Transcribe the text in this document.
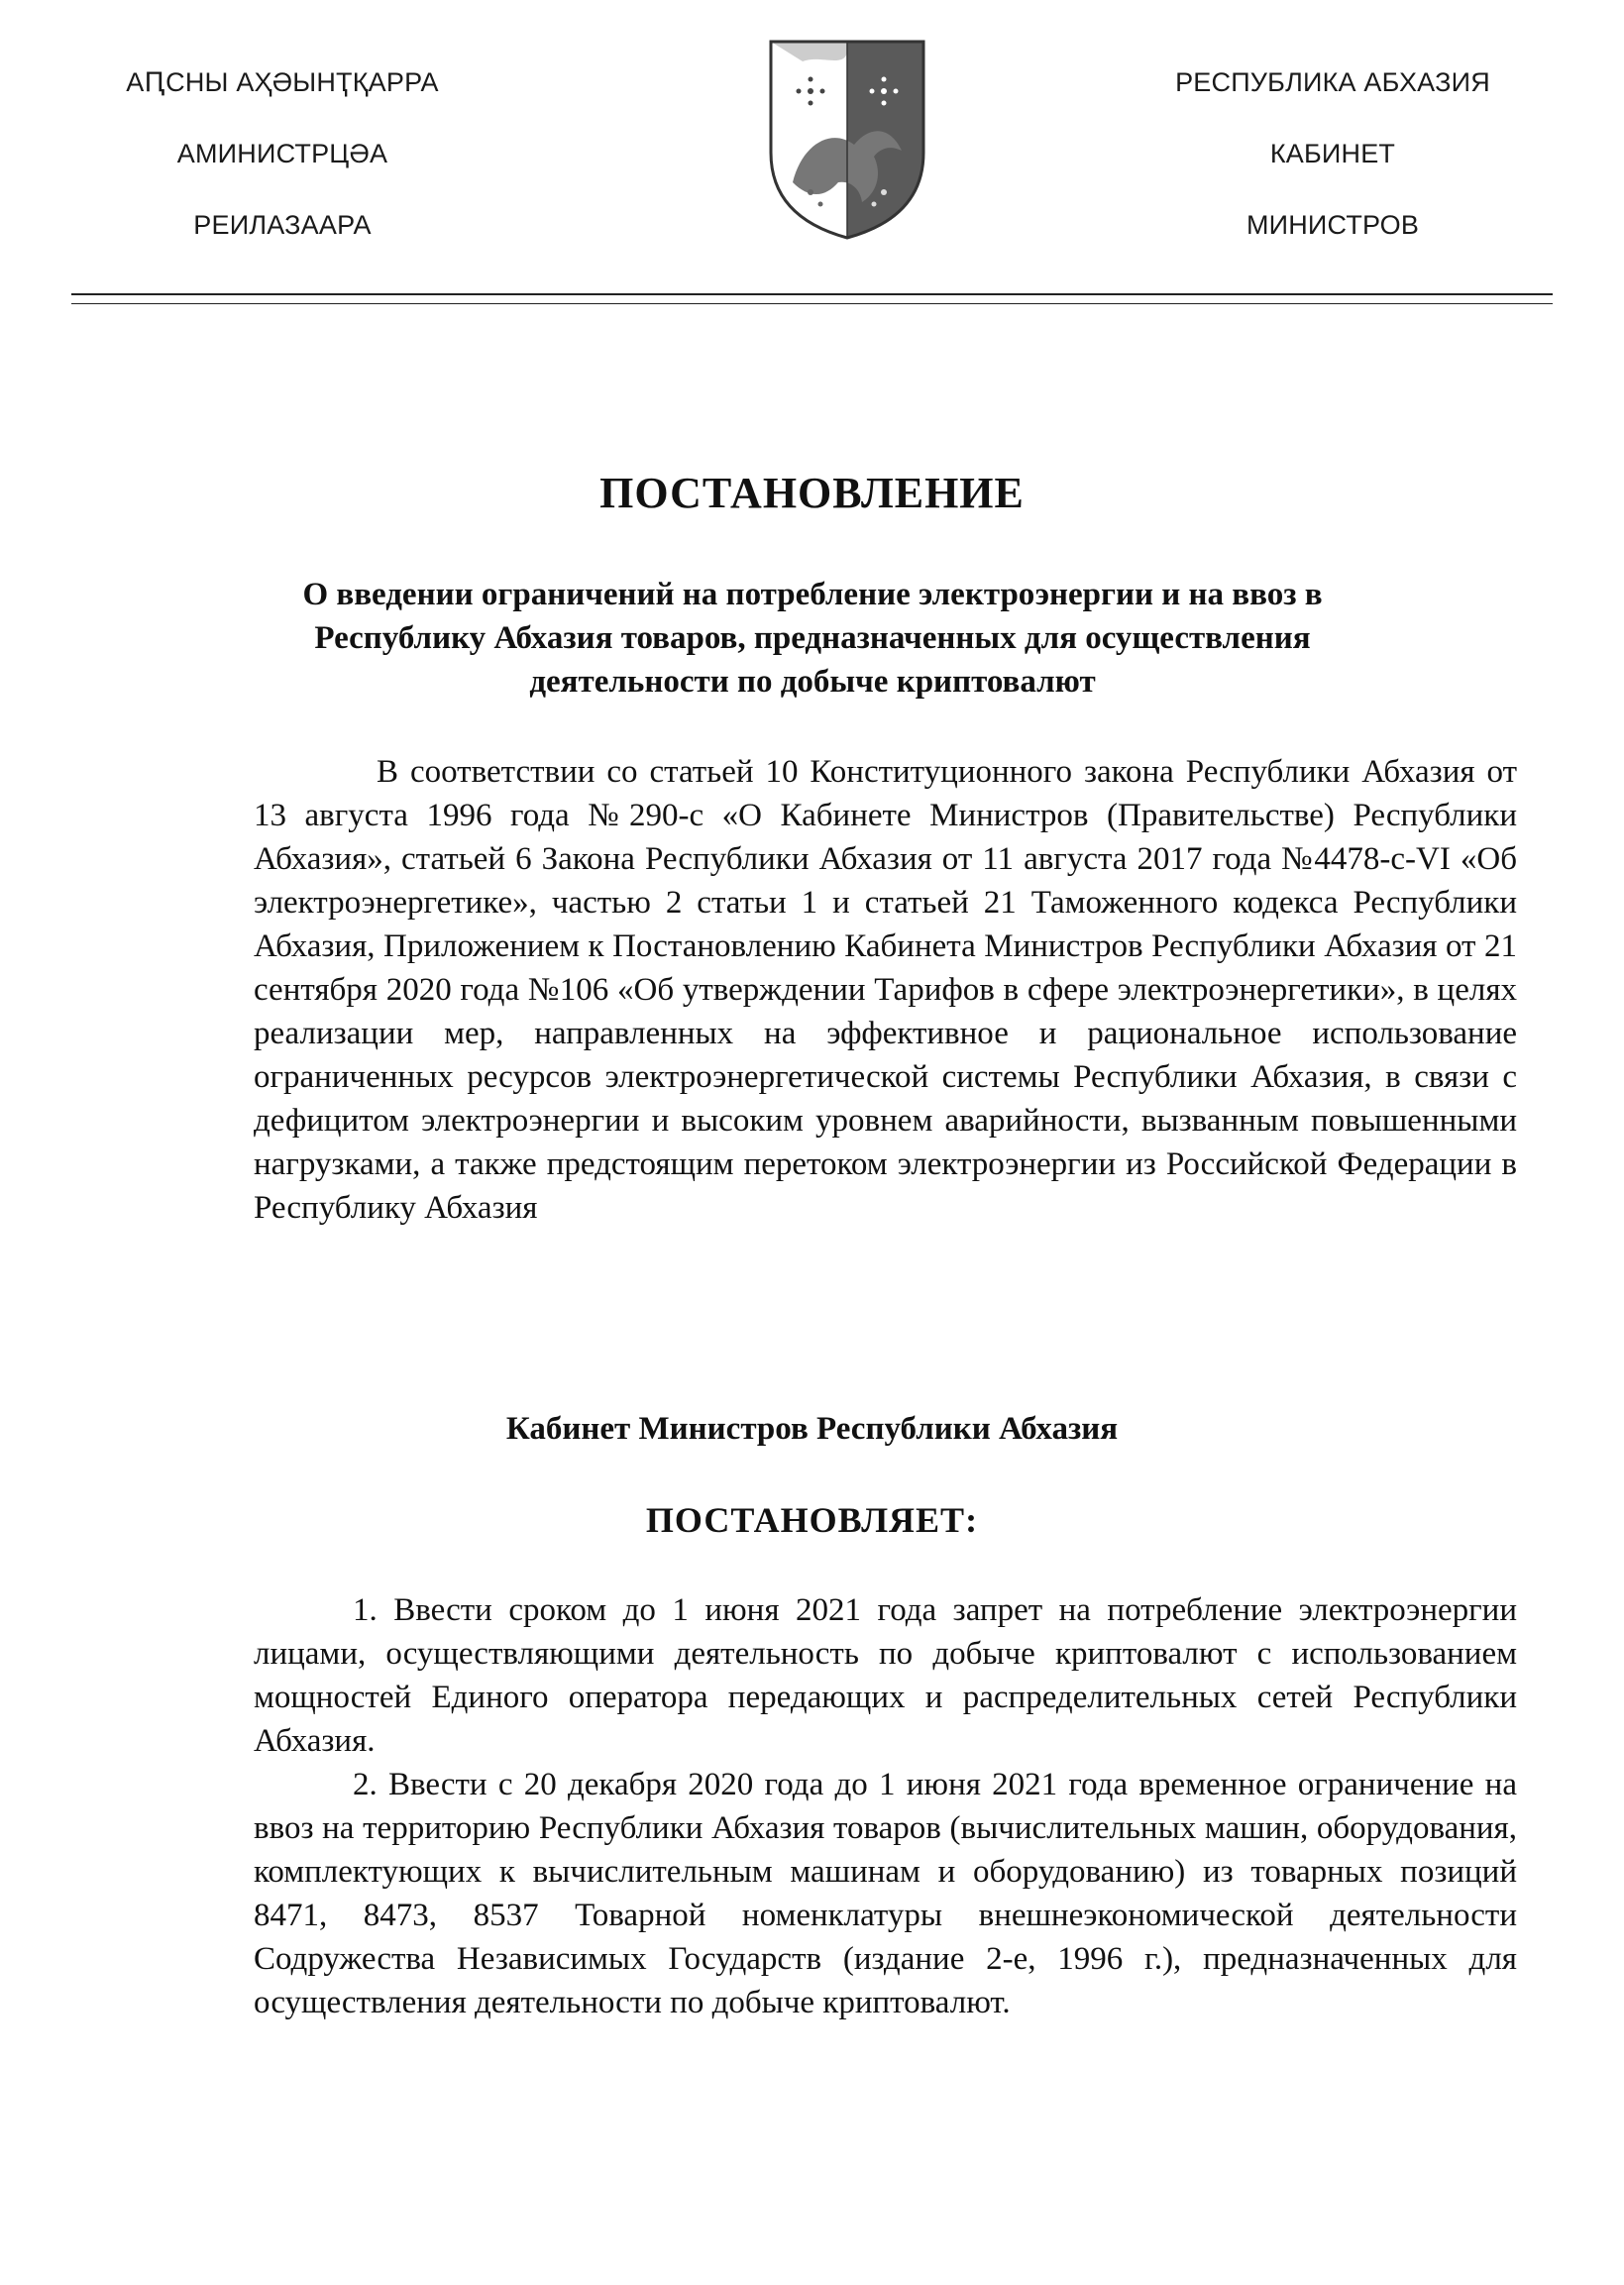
АԤСНЫ АҲӘЫНҬҚАРРА
АМИНИСТРЦӘА
РЕИЛАЗААРА
РЕСПУБЛИКА АБХАЗИЯ
КАБИНЕТ
МИНИСТРОВ
ПОСТАНОВЛЕНИЕ
О введении ограничений на потребление электроэнергии и на ввоз в Республику Абхазия товаров, предназначенных для осуществления деятельности по добыче криптовалют
В соответствии со статьей 10 Конституционного закона Республики Абхазия от 13 августа 1996 года №290-с «О Кабинете Министров (Правительстве) Республики Абхазия», статьей 6 Закона Республики Абхазия от 11 августа 2017 года №4478-с-VI «Об электроэнергетике», частью 2 статьи 1 и статьей 21 Таможенного кодекса Республики Абхазия, Приложением к Постановлению Кабинета Министров Республики Абхазия от 21 сентября 2020 года №106 «Об утверждении Тарифов в сфере электроэнергетики», в целях реализации мер, направленных на эффективное и рациональное использование ограниченных ресурсов электроэнергетической системы Республики Абхазия, в связи с дефицитом электроэнергии и высоким уровнем аварийности, вызванным повышенными нагрузками, а также предстоящим перетоком электроэнергии из Российской Федерации в Республику Абхазия
Кабинет Министров Республики Абхазия
ПОСТАНОВЛЯЕТ:
1. Ввести сроком до 1 июня 2021 года запрет на потребление электроэнергии лицами, осуществляющими деятельность по добыче криптовалют с использованием мощностей Единого оператора передающих и распределительных сетей Республики Абхазия.
2. Ввести с 20 декабря 2020 года до 1 июня 2021 года временное ограничение на ввоз на территорию Республики Абхазия товаров (вычислительных машин, оборудования, комплектующих к вычислительным машинам и оборудованию) из товарных позиций 8471, 8473, 8537 Товарной номенклатуры внешнеэкономической деятельности Содружества Независимых Государств (издание 2-е, 1996 г.), предназначенных для осуществления деятельности по добыче криптовалют.
